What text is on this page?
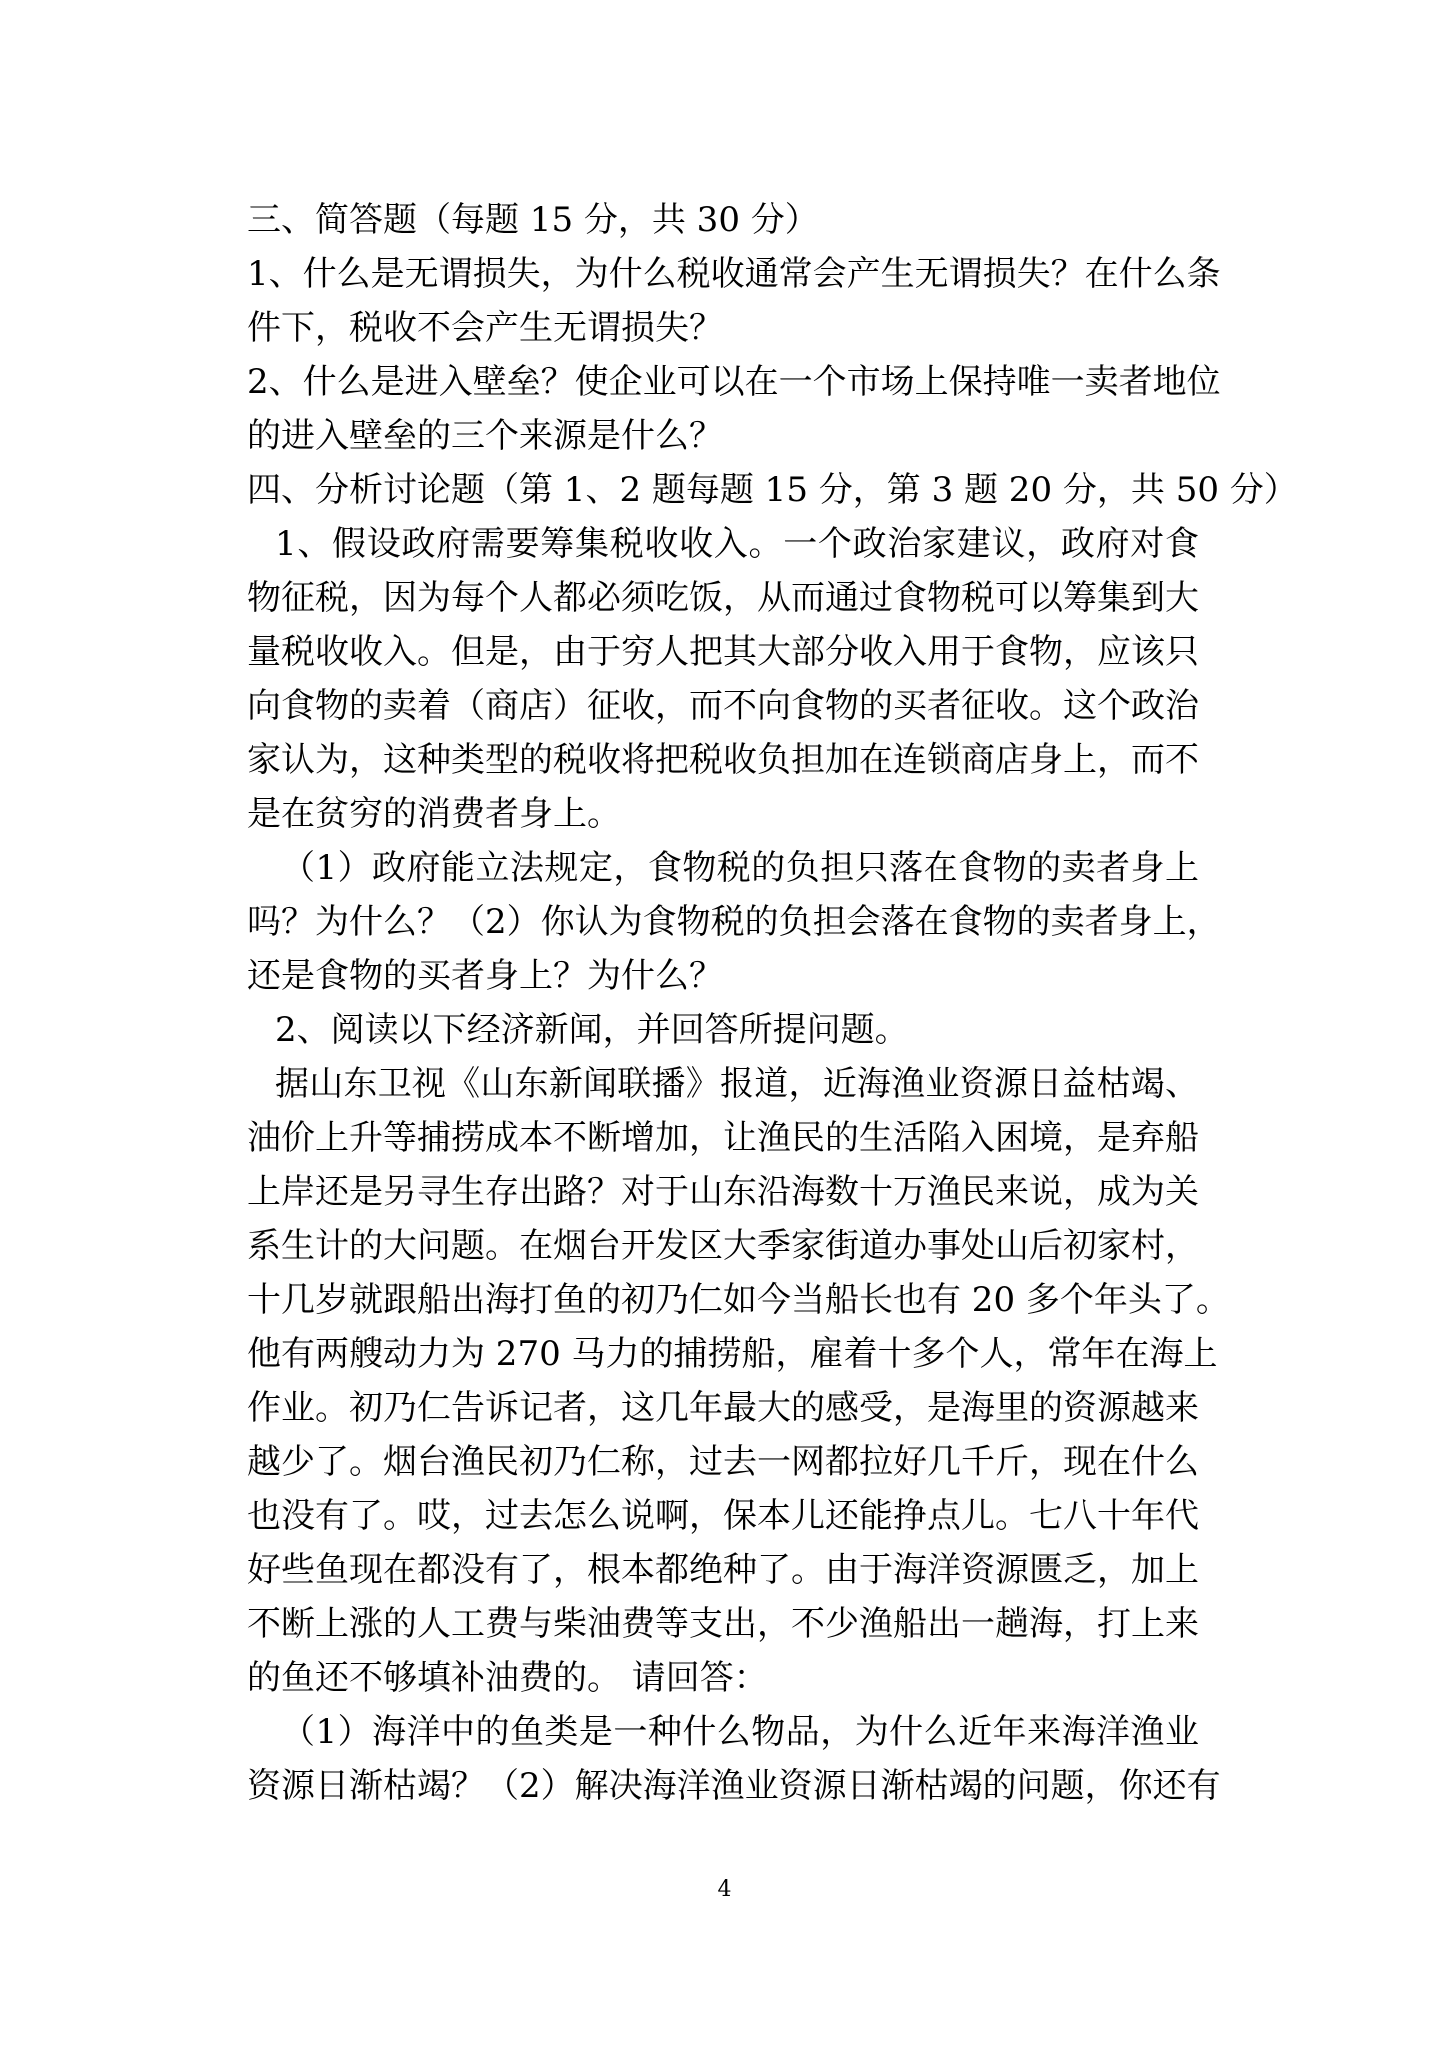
三、简答题（每题 15 分，共 30 分）
1、什么是无谓损失，为什么税收通常会产生无谓损失？在什么条
件下，税收不会产生无谓损失？
2、什么是进入壁垒？使企业可以在一个市场上保持唯一卖者地位
的进入壁垒的三个来源是什么？
四、分析讨论题（第 1、2 题每题 15 分，第 3 题 20 分，共 50 分）
1、假设政府需要筹集税收收入。一个政治家建议，政府对食
物征税，因为每个人都必须吃饭，从而通过食物税可以筹集到大
量税收收入。但是，由于穷人把其大部分收入用于食物，应该只
向食物的卖着（商店）征收，而不向食物的买者征收。这个政治
家认为，这种类型的税收将把税收负担加在连锁商店身上，而不
是在贫穷的消费者身上。
（1）政府能立法规定，食物税的负担只落在食物的卖者身上
吗？为什么？（2）你认为食物税的负担会落在食物的卖者身上，
还是食物的买者身上？为什么？
2、阅读以下经济新闻，并回答所提问题。
据山东卫视《山东新闻联播》报道，近海渔业资源日益枯竭、
油价上升等捕捞成本不断增加，让渔民的生活陷入困境，是弃船
上岸还是另寻生存出路？对于山东沿海数十万渔民来说，成为关
系生计的大问题。在烟台开发区大季家街道办事处山后初家村，
十几岁就跟船出海打鱼的初乃仁如今当船长也有 20 多个年头了。
他有两艘动力为 270 马力的捕捞船，雇着十多个人，常年在海上
作业。初乃仁告诉记者，这几年最大的感受，是海里的资源越来
越少了。烟台渔民初乃仁称，过去一网都拉好几千斤，现在什么
也没有了。哎，过去怎么说啊，保本儿还能挣点儿。七八十年代
好些鱼现在都没有了，根本都绝种了。由于海洋资源匮乏，加上
不断上涨的人工费与柴油费等支出，不少渔船出一趟海，打上来
的鱼还不够填补油费的。 请回答：
（1）海洋中的鱼类是一种什么物品，为什么近年来海洋渔业
资源日渐枯竭？（2）解决海洋渔业资源日渐枯竭的问题，你还有
4
